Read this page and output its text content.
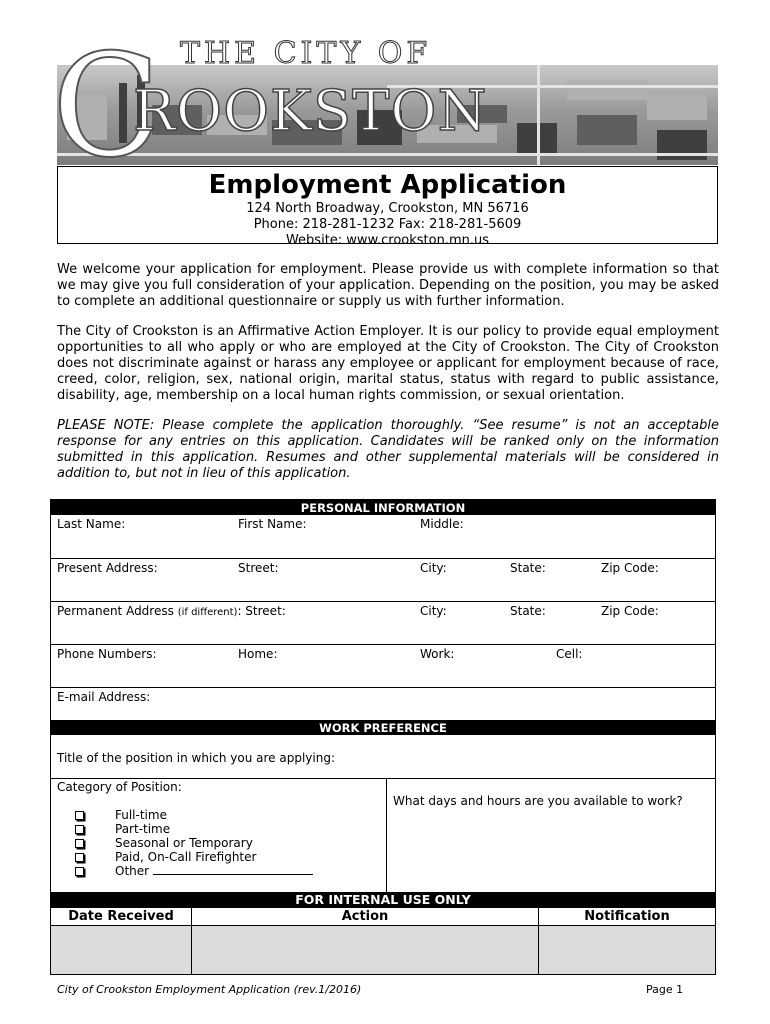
THE CITY OF
C
ROOKSTON
Employment Application
124 North Broadway, Crookston, MN 56716
Phone: 218-281-1232 Fax: 218-281-5609
Website: www.crookston.mn.us
We welcome your application for employment. Please provide us with complete information so that we may give you full consideration of your application. Depending on the position, you may be asked to complete an additional questionnaire or supply us with further information.
The City of Crookston is an Affirmative Action Employer. It is our policy to provide equal employment opportunities to all who apply or who are employed at the City of Crookston. The City of Crookston does not discriminate against or harass any employee or applicant for employment because of race, creed, color, religion, sex, national origin, marital status, status with regard to public assistance, disability, age, membership on a local human rights commission, or sexual orientation.
PLEASE NOTE: Please complete the application thoroughly. “See resume” is not an acceptable response for any entries on this application. Candidates will be ranked only on the information submitted in this application. Resumes and other supplemental materials will be considered in addition to, but not in lieu of this application.
PERSONAL INFORMATION
Last Name:	First Name:	Middle:
Present Address:	Street:	City:	State:	Zip Code:
Permanent Address (if different): Street:	City:	State:	Zip Code:
Phone Numbers:	Home:	Work:	Cell:
E-mail Address:
WORK PREFERENCE
Title of the position in which you are applying:
Category of Position:
What days and hours are you available to work?
Full-time
Part-time
Seasonal or Temporary
Paid, On-Call Firefighter
Other
FOR INTERNAL USE ONLY
Date Received	Action	Notification
City of Crookston Employment Application (rev.1/2016)	Page 1
